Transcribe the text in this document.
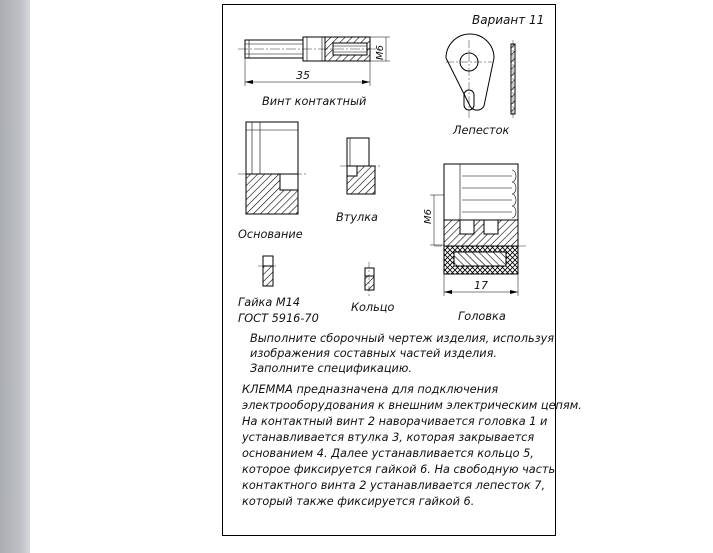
35
М6
17
М6
Вариант 11
Винт контактный
Лепесток
Основание
Втулка
Головка
Гайка М14
ГОСТ 5916-70
Кольцо
Выполните сборочный чертеж изделия, используя
изображения составных частей изделия.
Заполните спецификацию.
КЛЕММА предназначена для подключения
электрооборудования к внешним электрическим цепям.
На контактный винт 2 наворачивается головка 1 и
устанавливается втулка 3, которая закрывается
основанием 4. Далее устанавливается кольцо 5,
которое фиксируется гайкой 6. На свободную часть
контактного винта 2 устанавливается лепесток 7,
который также фиксируется гайкой 6.
